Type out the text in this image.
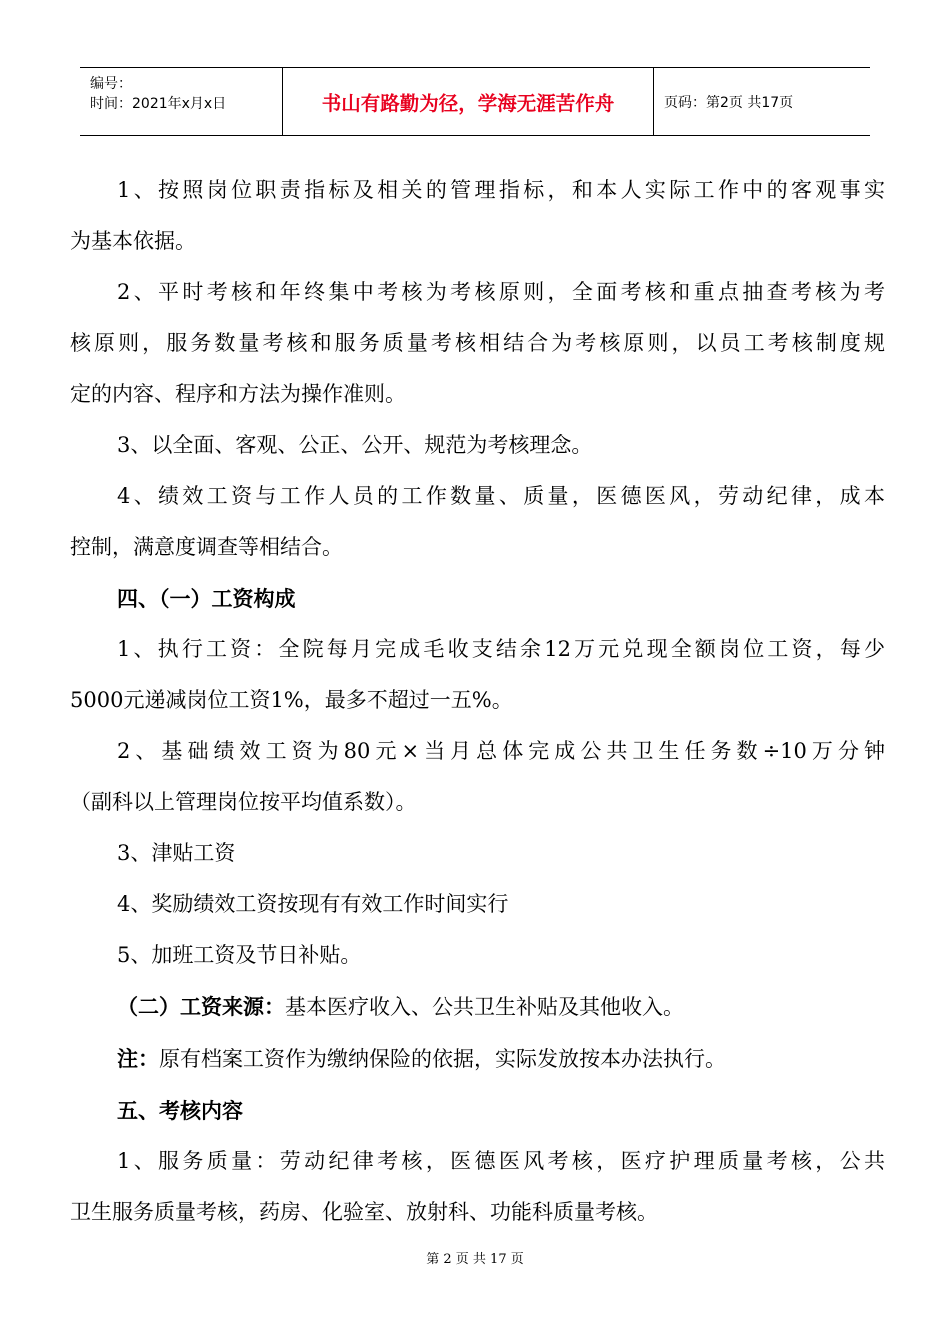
编号：
时间：2021年x月x日	书山有路勤为径，学海无涯苦作舟	页码：第2页 共17页

1、按照岗位职责指标及相关的管理指标，和本人实际工作中的客观事实

为基本依据。

2、平时考核和年终集中考核为考核原则，全面考核和重点抽查考核为考

核原则，服务数量考核和服务质量考核相结合为考核原则，以员工考核制度规

定的内容、程序和方法为操作准则。

3、以全面、客观、公正、公开、规范为考核理念。

4、绩效工资与工作人员的工作数量、质量，医德医风，劳动纪律，成本

控制，满意度调查等相结合。

四、（一）工资构成

1、执行工资：全院每月完成毛收支结余12万元兑现全额岗位工资，每少

5000元递减岗位工资1%，最多不超过一五%。

2、基础绩效工资为80元×当月总体完成公共卫生任务数÷10万分钟

（副科以上管理岗位按平均值系数）。

3、津贴工资

4、奖励绩效工资按现有有效工作时间实行

5、加班工资及节日补贴。

（二）工资来源：基本医疗收入、公共卫生补贴及其他收入。

注：原有档案工资作为缴纳保险的依据，实际发放按本办法执行。

五、考核内容

1、服务质量：劳动纪律考核，医德医风考核，医疗护理质量考核，公共

卫生服务质量考核，药房、化验室、放射科、功能科质量考核。

第 2 页 共 17 页
